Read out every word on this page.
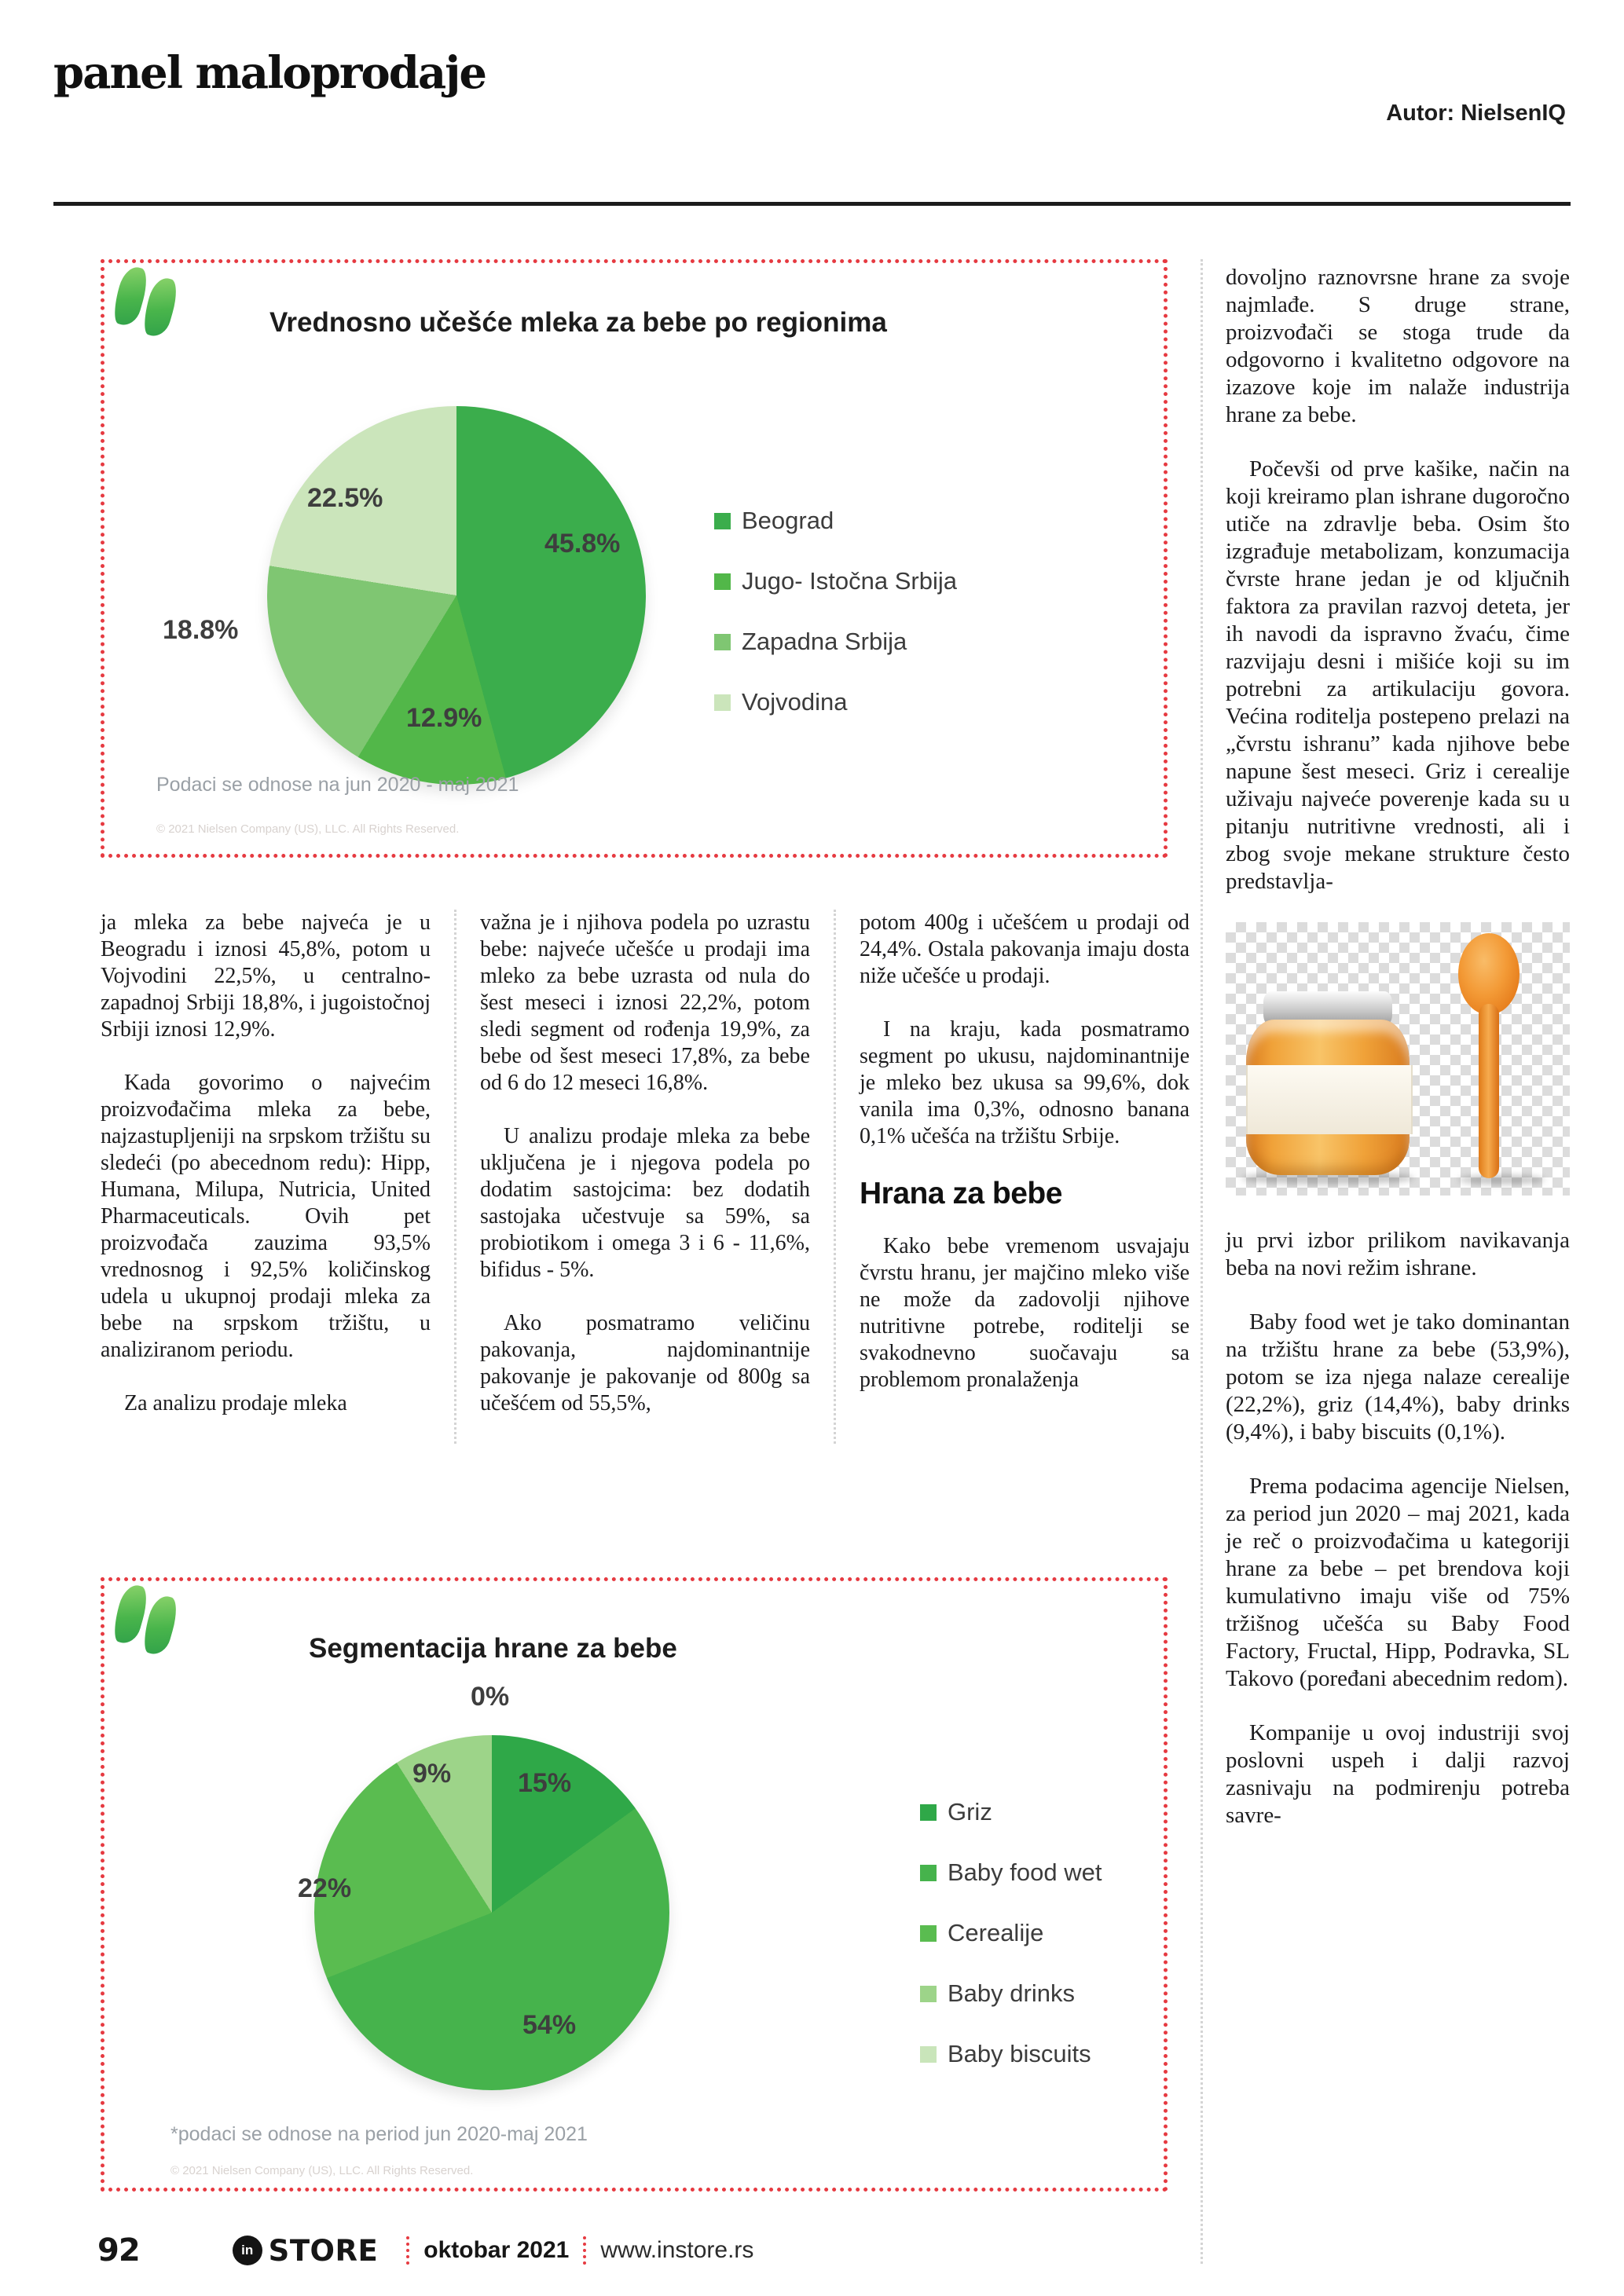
panel maloprodaje
Autor: NielsenIQ
Vrednosno učešće mleka za bebe po regionima
45.8%
12.9%
18.8%
22.5%
Beograd
Jugo- Istočna Srbija
Zapadna Srbija
Vojvodina
Podaci se odnose na jun 2020 - maj 2021
© 2021 Nielsen Company (US), LLC. All Rights Reserved.

ja mleka za bebe najveća je u Beogradu i iznosi 45,8%, potom u Vojvodini 22,5%, u centralno-zapadnoj Srbiji 18,8%, i jugoistočnoj Srbiji iznosi 12,9%.

Kada govorimo o najvećim proizvođačima mleka za bebe, najzastupljeniji na srpskom tržištu su sledeći (po abecednom redu): Hipp, Humana, Milupa, Nutricia, United Pharmaceuticals. Ovih pet proizvođača zauzima 93,5% vrednosnog i 92,5% količinskog udela u ukupnoj prodaji mleka za bebe na srpskom tržištu, u analiziranom periodu.

Za analizu prodaje mleka

važna je i njihova podela po uzrastu bebe: najveće učešće u prodaji ima mleko za bebe uzrasta od nula do šest meseci i iznosi 22,2%, potom sledi segment od rođenja 19,9%, za bebe od šest meseci 17,8%, za bebe od 6 do 12 meseci 16,8%.

U analizu prodaje mleka za bebe uključena je i njegova podela po dodatim sastojcima: bez dodatih sastojaka učestvuje sa 59%, sa probiotikom i omega 3 i 6 - 11,6%, bifidus - 5%.

Ako posmatramo veličinu pakovanja, najdominantnije pakovanje je pakovanje od 800g sa učešćem od 55,5%,

potom 400g i učešćem u prodaji od 24,4%. Ostala pakovanja imaju dosta niže učešće u prodaji.

I na kraju, kada posmatramo segment po ukusu, najdominantnije je mleko bez ukusa sa 99,6%, dok vanila ima 0,3%, odnosno banana 0,1% učešća na tržištu Srbije.

Hrana za bebe

Kako bebe vremenom usvajaju čvrstu hranu, jer majčino mleko više ne može da zadovolji njihove nutritivne potrebe, roditelji se svakodnevno suočavaju sa problemom pronalaženja

dovoljno raznovrsne hrane za svoje najmlađe. S druge strane, proizvođači se stoga trude da odgovorno i kvalitetno odgovore na izazove koje im nalaže industrija hrane za bebe.

Počevši od prve kašike, način na koji kreiramo plan ishrane dugoročno utiče na zdravlje beba. Osim što izgrađuje metabolizam, konzumacija čvrste hrane jedan je od ključnih faktora za pravilan razvoj deteta, jer ih navodi da ispravno žvaću, čime razvijaju desni i mišiće koji su im potrebni za artikulaciju govora. Većina roditelja postepeno prelazi na „čvrstu ishranu” kada njihove bebe napune šest meseci. Griz i cerealije uživaju najveće poverenje kada su u pitanju nutritivne vrednosti, ali i zbog svoje mekane strukture često predstavlja-

ju prvi izbor prilikom navikavanja beba na novi režim ishrane.

Baby food wet je tako dominantan na tržištu hrane za bebe (53,9%), potom se iza njega nalaze cerealije (22,2%), griz (14,4%), baby drinks (9,4%), i baby biscuits (0,1%).

Prema podacima agencije Nielsen, za period jun 2020 – maj 2021, kada je reč o proizvođačima u kategoriji hrane za bebe – pet brendova koji kumulativno imaju više od 75% tržišnog učešća su Baby Food Factory, Fructal, Hipp, Podravka, SL Takovo (poređani abecednim redom).

Kompanije u ovoj industriji svoj poslovni uspeh i dalji razvoj zasnivaju na podmirenju potreba savre-

Segmentacija hrane za bebe
15%
54%
22%
9%
0%
Griz
Baby food wet
Cerealije
Baby drinks
Baby biscuits
*podaci se odnose na period jun 2020-maj 2021
© 2021 Nielsen Company (US), LLC. All Rights Reserved.
92	in STORE oktobar 2021 www.instore.rs
